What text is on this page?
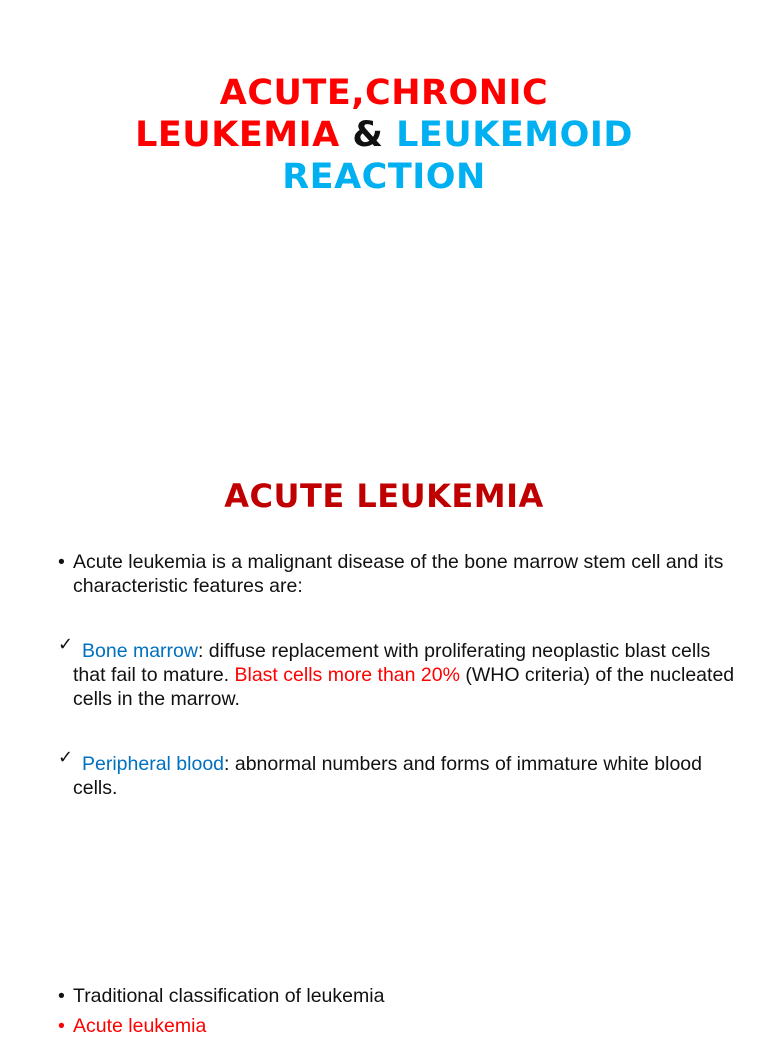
ACUTE,CHRONIC
LEUKEMIA & LEUKEMOID
REACTION
ACUTE LEUKEMIA
• Acute leukemia is a malignant disease of the bone marrow stem cell and its characteristic features are:
✓ Bone marrow: diffuse replacement with proliferating neoplastic blast cells that fail to mature. Blast cells more than 20% (WHO criteria) of the nucleated cells in the marrow.
✓ Peripheral blood: abnormal numbers and forms of immature white blood cells.
• Traditional classification of leukemia
• Acute leukemia
